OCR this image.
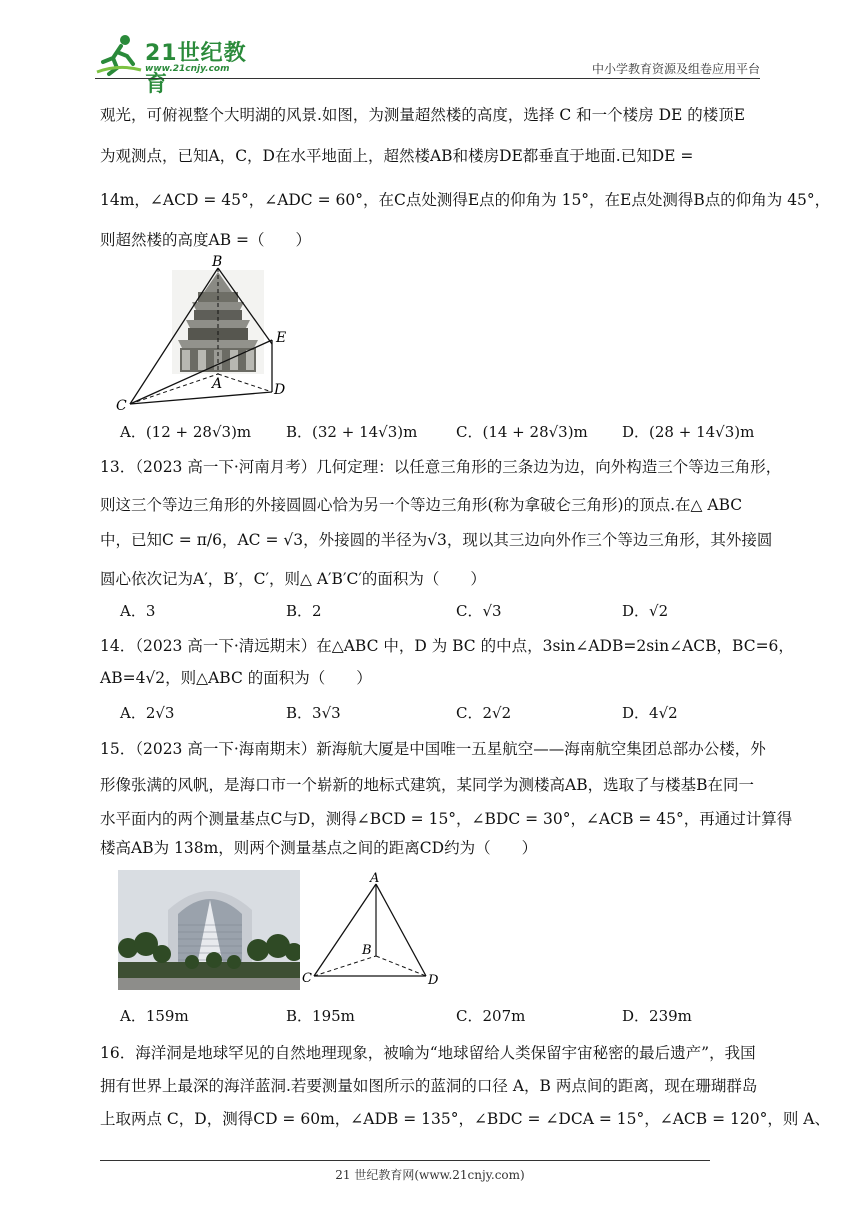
21世纪教育
www.21cnjy.com	中小学教育资源及组卷应用平台
观光，可俯视整个大明湖的风景.如图，为测量超然楼的高度，选择 C 和一个楼房 DE 的楼顶E
为观测点，已知A，C，D在水平地面上，超然楼AB和楼房DE都垂直于地面.已知DE =
14m，∠ACD = 45°，∠ADC = 60°，在C点处测得E点的仰角为 15°，在E点处测得B点的仰角为 45°，
则超然楼的高度AB =（　　）
B
E
A
C
D
A．(12 + 28√3)m B．(32 + 14√3)m	C．(14 + 28√3)m D．(28 + 14√3)m
13．（2023 高一下·河南月考）几何定理：以任意三角形的三条边为边，向外构造三个等边三角形，
则这三个等边三角形的外接圆圆心恰为另一个等边三角形(称为拿破仑三角形)的顶点.在△ ABC
中，已知C = π/6，AC = √3，外接圆的半径为√3，现以其三边向外作三个等边三角形，其外接圆
圆心依次记为A′，B′，C′，则△ A′B′C′的面积为（　　）
A．3	B．2	C．√3	D．√2
14．（2023 高一下·清远期末）在△ABC 中，D 为 BC 的中点，3sin∠ADB=2sin∠ACB，BC=6，
AB=4√2，则△ABC 的面积为（　　）
A．2√3	B．3√3	C．2√2	D．4√2
15．（2023 高一下·海南期末）新海航大厦是中国唯一五星航空——海南航空集团总部办公楼，外
形像张满的风帆，是海口市一个崭新的地标式建筑，某同学为测楼高AB，选取了与楼基B在同一
水平面内的两个测量基点C与D，测得∠BCD = 15°，∠BDC = 30°，∠ACB = 45°，再通过计算得
楼高AB为 138m，则两个测量基点之间的距离CD约为（　　）
A
B
C	D
A．159m	B．195m	C．207m	D．239m
16．海洋洞是地球罕见的自然地理现象，被喻为“地球留给人类保留宇宙秘密的最后遗产”，我国
拥有世界上最深的海洋蓝洞.若要测量如图所示的蓝洞的口径 A，B 两点间的距离，现在珊瑚群岛
上取两点 C，D，测得CD = 60m，∠ADB = 135°，∠BDC = ∠DCA = 15°，∠ACB = 120°，则 A、
21 世纪教育网(www.21cnjy.com)
